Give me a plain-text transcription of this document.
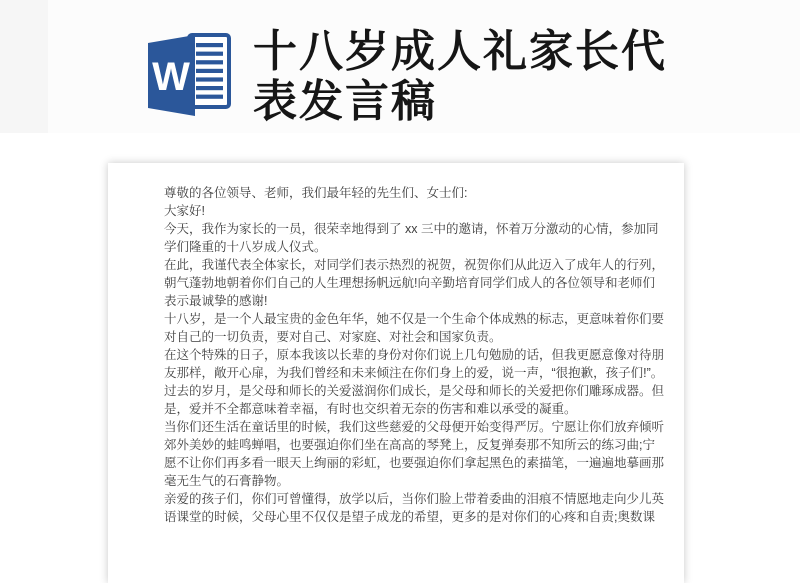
W
十八岁成人礼家长代表发言稿

尊敬的各位领导、老师，我们最年轻的先生们、女士们:

大家好!

今天，我作为家长的一员，很荣幸地得到了 xx 三中的邀请，怀着万分激动的心情，参加同学们隆重的十八岁成人仪式。

在此，我谨代表全体家长，对同学们表示热烈的祝贺，祝贺你们从此迈入了成年人的行列，朝气蓬勃地朝着你们自己的人生理想扬帆远航!向辛勤培育同学们成人的各位领导和老师们表示最诚挚的感谢!

十八岁，是一个人最宝贵的金色年华，她不仅是一个生命个体成熟的标志，更意味着你们要对自己的一切负责，要对自己、对家庭、对社会和国家负责。

在这个特殊的日子，原本我该以长辈的身份对你们说上几句勉励的话，但我更愿意像对待朋友那样，敞开心扉，为我们曾经和未来倾注在你们身上的爱，说一声，“很抱歉，孩子们!”。过去的岁月，是父母和师长的关爱滋润你们成长，是父母和师长的关爱把你们雕琢成器。但是，爱并不全都意味着幸福，有时也交织着无奈的伤害和难以承受的凝重。

当你们还生活在童话里的时候，我们这些慈爱的父母便开始变得严厉。宁愿让你们放弃倾听郊外美妙的蛙鸣蝉唱，也要强迫你们坐在高高的琴凳上，反复弹奏那不知所云的练习曲;宁愿不让你们再多看一眼天上绚丽的彩虹，也要强迫你们拿起黑色的素描笔，一遍遍地摹画那毫无生气的石膏静物。

亲爱的孩子们，你们可曾懂得，放学以后，当你们脸上带着委曲的泪痕不情愿地走向少儿英语课堂的时候，父母心里不仅仅是望子成龙的希望，更多的是对你们的心疼和自责;奥数课
